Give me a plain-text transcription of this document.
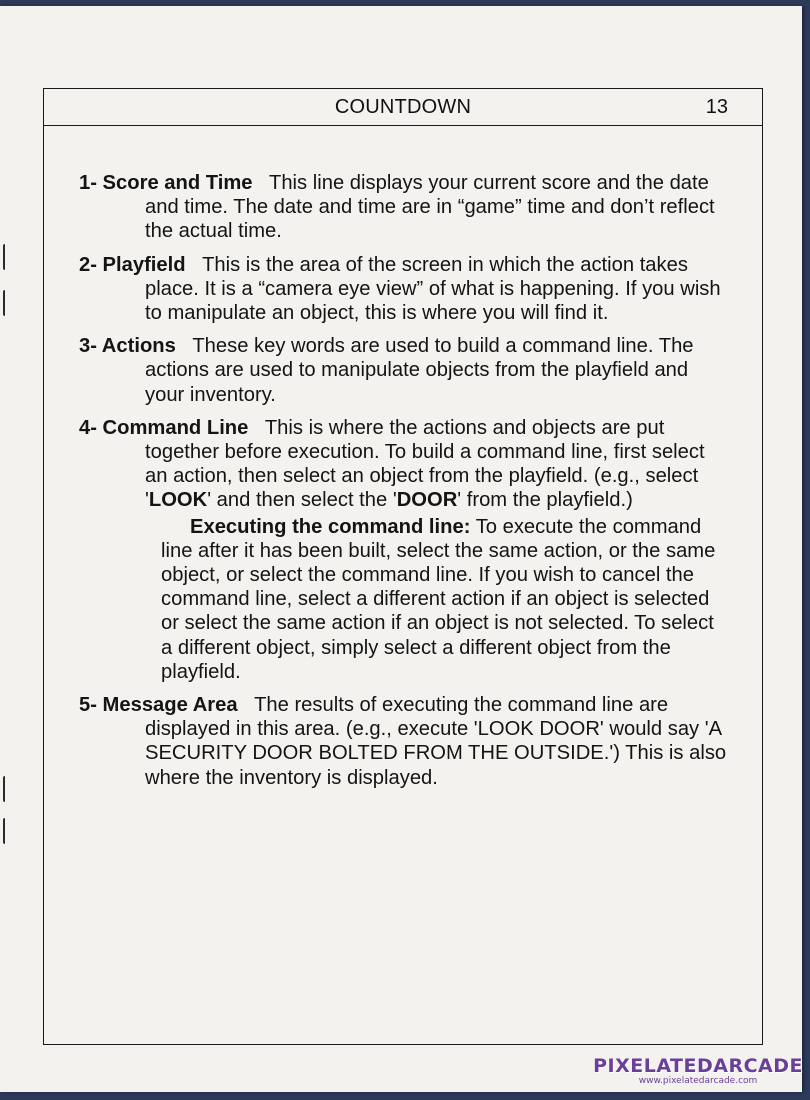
COUNTDOWN	13

1- Score and Time This line displays your current score and the date and time. The date and time are in “game” time and don’t reflect the actual time.

2- Playfield This is the area of the screen in which the action takes place. It is a “camera eye view” of what is happening. If you wish to manipulate an object, this is where you will find it.

3- Actions These key words are used to build a command line. The actions are used to manipulate objects from the playfield and your inventory.

4- Command Line This is where the actions and objects are put together before execution. To build a command line, first select an action, then select an object from the playfield. (e.g., select 'LOOK' and then select the 'DOOR' from the playfield.)

Executing the command line: To execute the command line after it has been built, select the same action, or the same object, or select the command line. If you wish to cancel the command line, select a different action if an object is selected or select the same action if an object is not selected. To select a different object, simply select a different object from the playfield.

5- Message Area The results of executing the command line are displayed in this area. (e.g., execute 'LOOK DOOR' would say 'A SECURITY DOOR BOLTED FROM THE OUTSIDE.') This is also where the inventory is displayed.

PIXELATEDARCADE
www.pixelatedarcade.com
